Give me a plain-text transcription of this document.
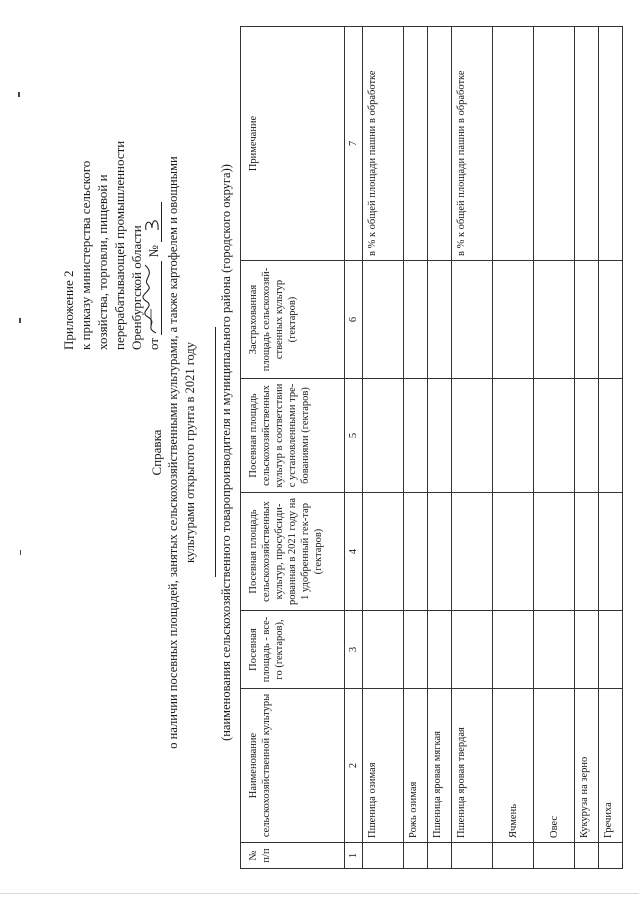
Приложение 2 к приказу министерства сельского хозяйства, торговли, пищевой и перерабатывающей промышленности Оренбургской области от
№
Справка о наличии посевных площадей, занятых сельскохозяйственными культурами, а также картофелем и овощными культурами открытого грунта в 2021 году (наименования сельскохозяйственного товаропроизводителя и муниципального района (городского округа))
№ п/п	Наименование сельскохозяйственной культуры	Посевная площадь - все-го (гектаров),	Посевная площадь сельскохозяйственных культур, просубсиди-рованная в 2021 году на 1 удобренный гек-тар (гектаров)	Посевная площадь сельскохозяйственных культур в соответствии с установленными тре-бованиями (гектаров)	Застрахованная площадь сельскохозяй-ственных культур (гектаров)	Примечание
1	2	3	4	5	6	7
	Пшеница озимая					в % к общей площади пашни в обработке
	Рожь озимая					
	Пшеница яровая мягкая					
	Пшеница яровая твердая					в % к общей площади пашни в обработке
	Ячмень					
	Овес					
	Кукуруза на зерно					
	Гречиха					
